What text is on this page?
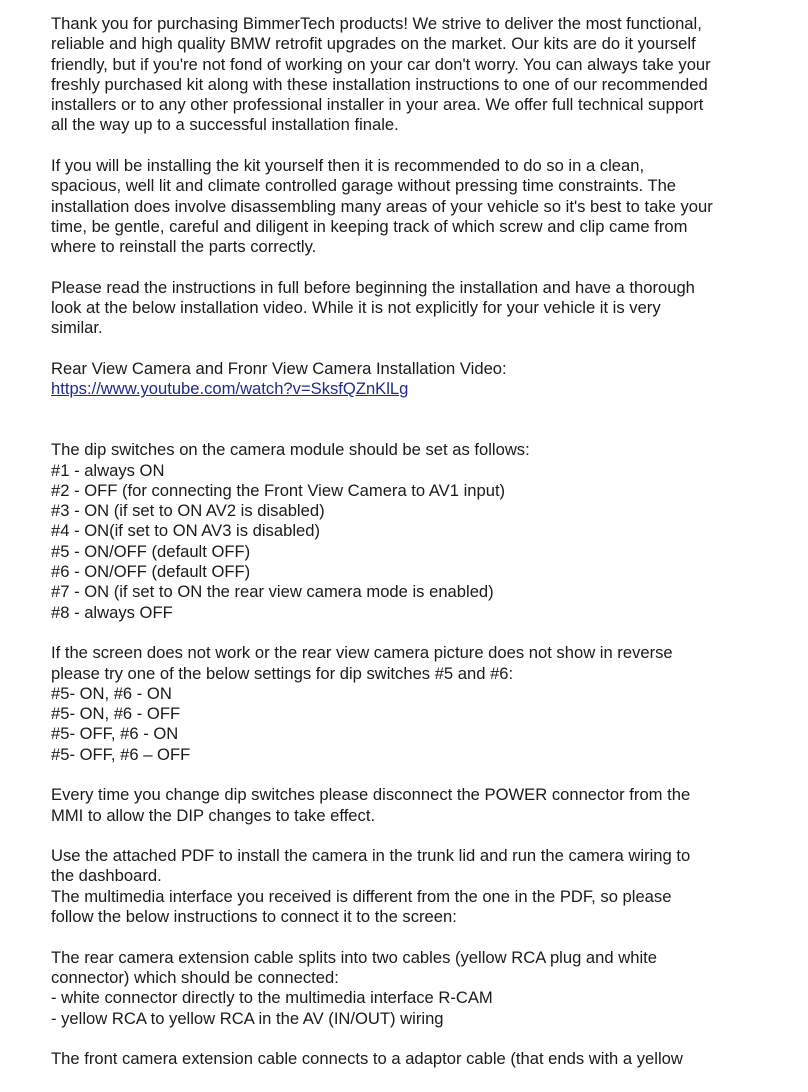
Thank you for purchasing BimmerTech products! We strive to deliver the most functional,
reliable and high quality BMW retrofit upgrades on the market. Our kits are do it yourself
friendly, but if you're not fond of working on your car don't worry. You can always take your
freshly purchased kit along with these installation instructions to one of our recommended
installers or to any other professional installer in your area. We offer full technical support
all the way up to a successful installation finale.

If you will be installing the kit yourself then it is recommended to do so in a clean,
spacious, well lit and climate controlled garage without pressing time constraints. The
installation does involve disassembling many areas of your vehicle so it's best to take your
time, be gentle, careful and diligent in keeping track of which screw and clip came from
where to reinstall the parts correctly.

Please read the instructions in full before beginning the installation and have a thorough
look at the below installation video. While it is not explicitly for your vehicle it is very
similar.

Rear View Camera and Fronr View Camera Installation Video:
https://www.youtube.com/watch?v=SksfQZnKlLg

The dip switches on the camera module should be set as follows:
#1 - always ON
#2 - OFF (for connecting the Front View Camera to AV1 input)
#3 - ON (if set to ON AV2 is disabled)
#4 - ON(if set to ON AV3 is disabled)
#5 - ON/OFF (default OFF)
#6 - ON/OFF (default OFF)
#7 - ON (if set to ON the rear view camera mode is enabled)
#8 - always OFF

If the screen does not work or the rear view camera picture does not show in reverse
please try one of the below settings for dip switches #5 and #6:
#5- ON, #6 - ON
#5- ON, #6 - OFF
#5- OFF, #6 - ON
#5- OFF, #6 – OFF

Every time you change dip switches please disconnect the POWER connector from the
MMI to allow the DIP changes to take effect.

Use the attached PDF to install the camera in the trunk lid and run the camera wiring to
the dashboard.
The multimedia interface you received is different from the one in the PDF, so please
follow the below instructions to connect it to the screen:

The rear camera extension cable splits into two cables (yellow RCA plug and white
connector) which should be connected:
- white connector directly to the multimedia interface R-CAM
- yellow RCA to yellow RCA in the AV (IN/OUT) wiring

The front camera extension cable connects to a adaptor cable (that ends with a yellow
